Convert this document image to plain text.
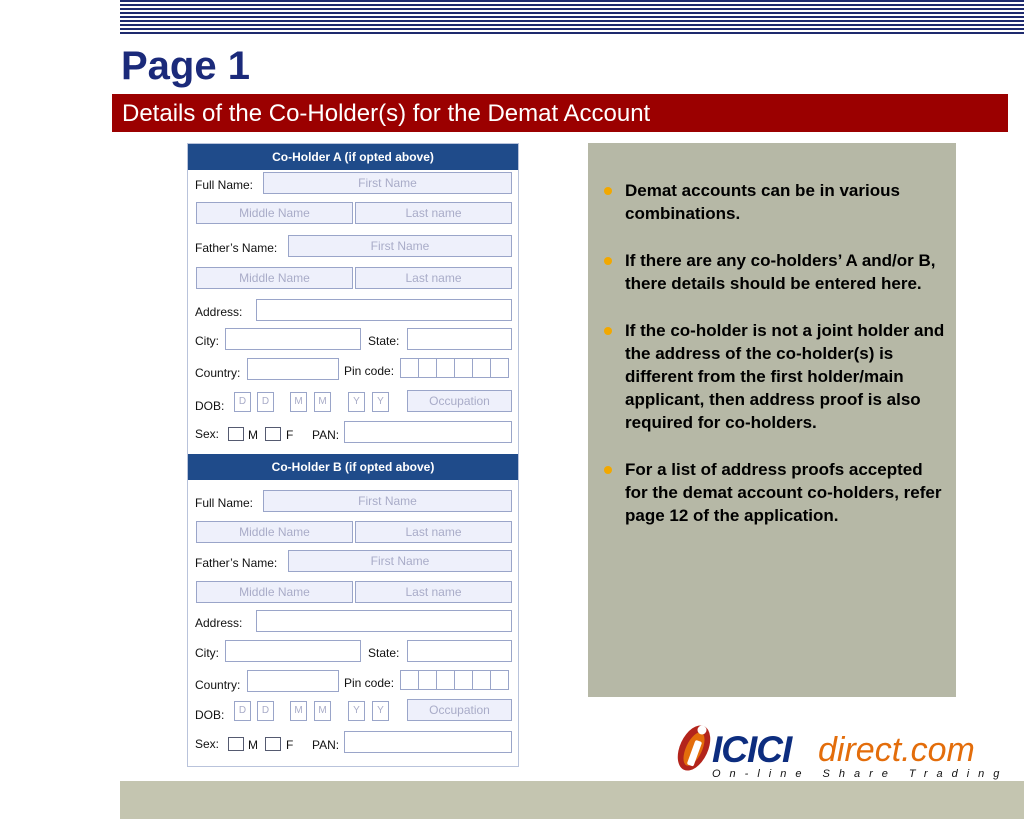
Page 1
Details of the Co-Holder(s) for the Demat Account
Co-Holder A (if opted above)
Full Name:	First Name
Middle Name	Last name
Father’s Name:	First Name
Middle Name	Last name
Address:
City:	State:
Country:	Pin code:
DOB:	D	D	M	M	Y	Y	Occupation
Sex: M F PAN:
Co-Holder B (if opted above)
Full Name:	First Name
Middle Name	Last name
Father’s Name:	First Name
Middle Name	Last name
Address:
City:	State:
Country:	Pin code:
DOB:	D	D	M	M	Y	Y	Occupation
Sex: M F PAN:
Demat accounts can be in various combinations.
If there are any co-holders’ A and/or B, there details should be entered here.
If the co-holder is not a joint holder and the address of the co-holder(s) is different from the first holder/main applicant, then address proof is also required for co-holders.
For a list of address proofs accepted for the demat account co-holders, refer page 12 of the application.
ICICI direct.com
On-line Share Trading
